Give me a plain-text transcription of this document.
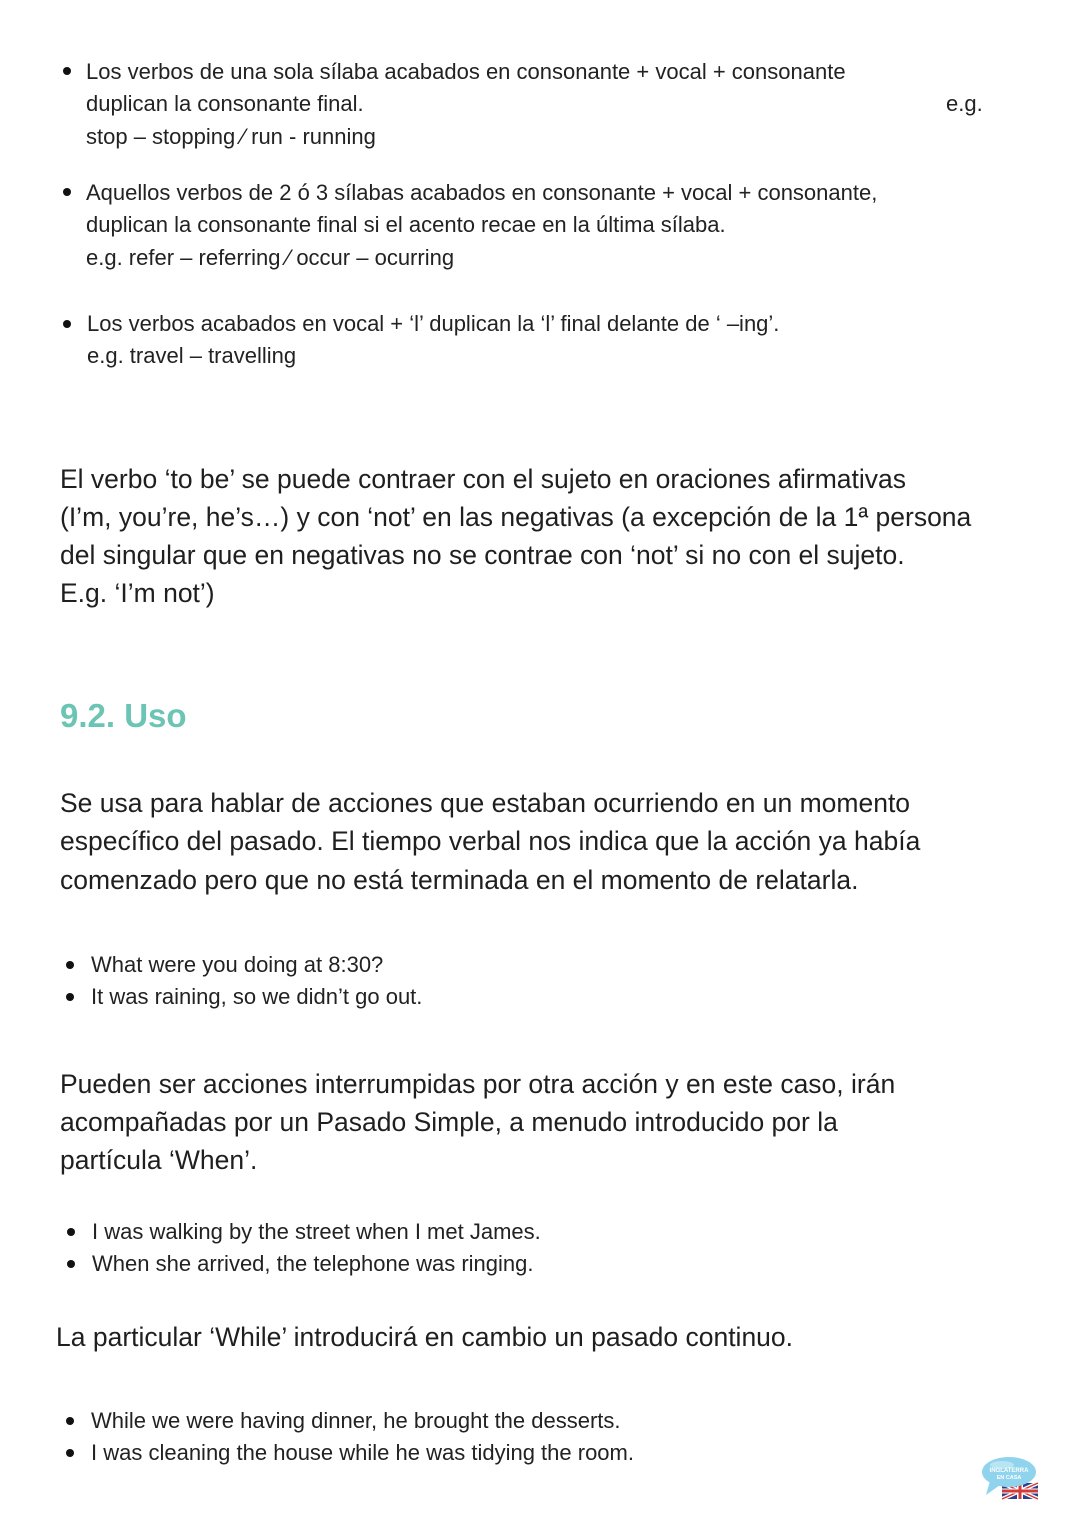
Los verbos de una sola sílaba acabados en consonante + vocal + consonante
duplican la consonante final.	e.g.
stop – stopping ⁄ run - running
Aquellos verbos de 2 ó 3 sílabas acabados en consonante + vocal + consonante,
duplican la consonante final si el acento recae en la última sílaba.
e.g. refer – referring ⁄ occur – ocurring
Los verbos acabados en vocal + ‘l’ duplican la ‘l’ final delante de ‘ –ing’.
e.g. travel – travelling
El verbo ‘to be’ se puede contraer con el sujeto en oraciones afirmativas
(I’m, you’re, he’s…) y con ‘not’ en las negativas (a excepción de la 1ª persona
del singular que en negativas no se contrae con ‘not’ si no con el sujeto.
E.g. ‘I’m not’)
9.2. Uso
Se usa para hablar de acciones que estaban ocurriendo en un momento
específico del pasado. El tiempo verbal nos indica que la acción ya había
comenzado pero que no está terminada en el momento de relatarla.
What were you doing at 8:30?
It was raining, so we didn’t go out.
Pueden ser acciones interrumpidas por otra acción y en este caso, irán
acompañadas por un Pasado Simple, a menudo introducido por la
partícula ‘When’.
I was walking by the street when I met James.
When she arrived, the telephone was ringing.
La particular ‘While’ introducirá en cambio un pasado continuo.
While we were having dinner, he brought the desserts.
I was cleaning the house while he was tidying the room.
INGLATERRA
EN CASA
